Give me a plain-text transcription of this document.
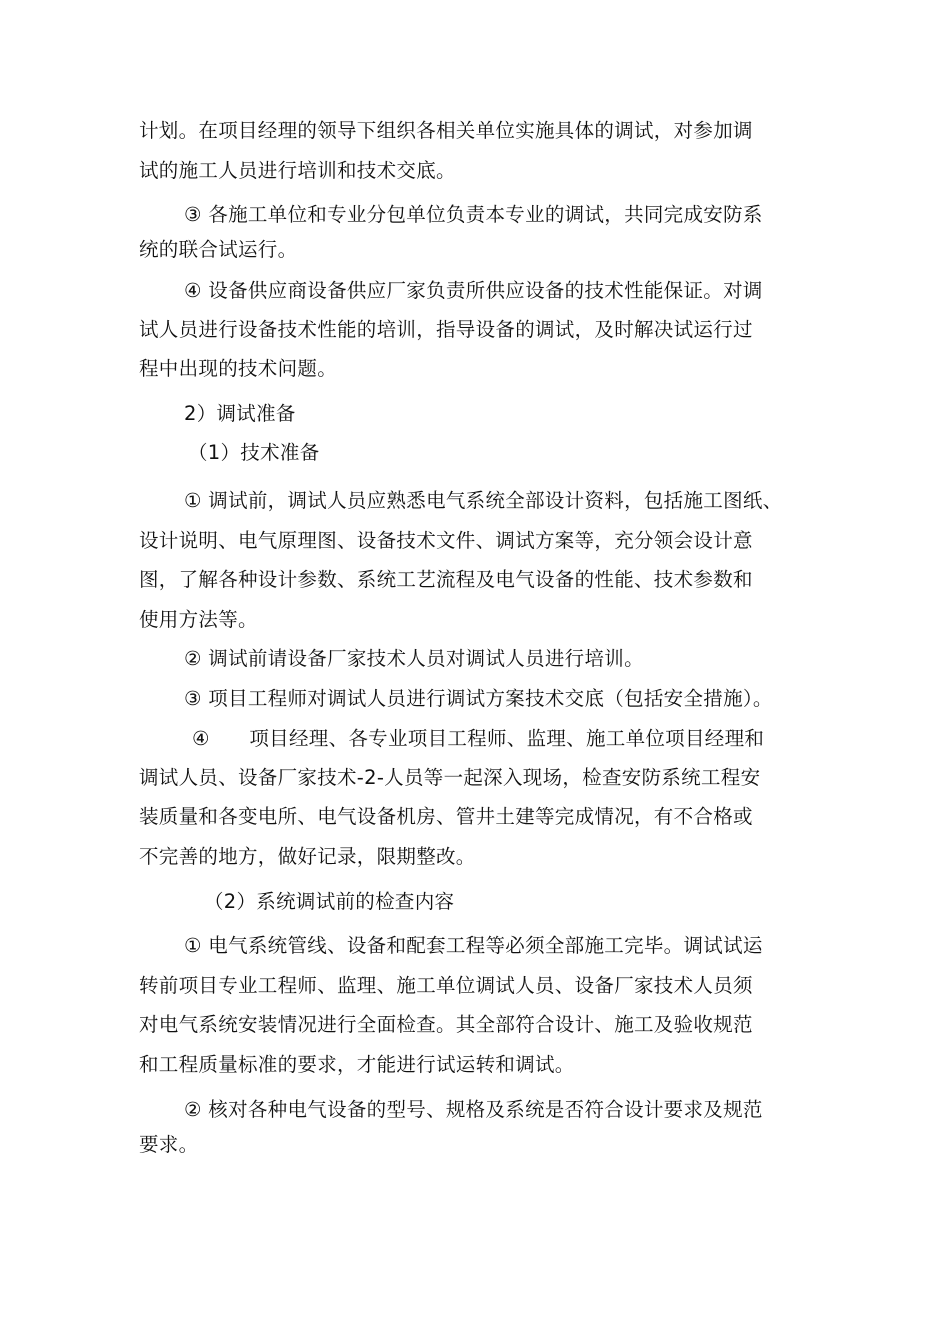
计划。在项目经理的领导下组织各相关单位实施具体的调试，对参加调
试的施工人员进行培训和技术交底。
③ 各施工单位和专业分包单位负责本专业的调试，共同完成安防系
统的联合试运行。
④ 设备供应商设备供应厂家负责所供应设备的技术性能保证。对调
试人员进行设备技术性能的培训，指导设备的调试，及时解决试运行过
程中出现的技术问题。
2）调试准备
（1）技术准备
① 调试前，调试人员应熟悉电气系统全部设计资料，包括施工图纸、
设计说明、电气原理图、设备技术文件、调试方案等，充分领会设计意
图，了解各种设计参数、系统工艺流程及电气设备的性能、技术参数和
使用方法等。
② 调试前请设备厂家技术人员对调试人员进行培训。
③ 项目工程师对调试人员进行调试方案技术交底（包括安全措施）。
④　　项目经理、各专业项目工程师、监理、施工单位项目经理和
调试人员、设备厂家技术-2-人员等一起深入现场，检查安防系统工程安
装质量和各变电所、电气设备机房、管井土建等完成情况，有不合格或
不完善的地方，做好记录，限期整改。
（2）系统调试前的检查内容
① 电气系统管线、设备和配套工程等必须全部施工完毕。调试试运
转前项目专业工程师、监理、施工单位调试人员、设备厂家技术人员须
对电气系统安装情况进行全面检查。其全部符合设计、施工及验收规范
和工程质量标准的要求，才能进行试运转和调试。
② 核对各种电气设备的型号、规格及系统是否符合设计要求及规范
要求。
